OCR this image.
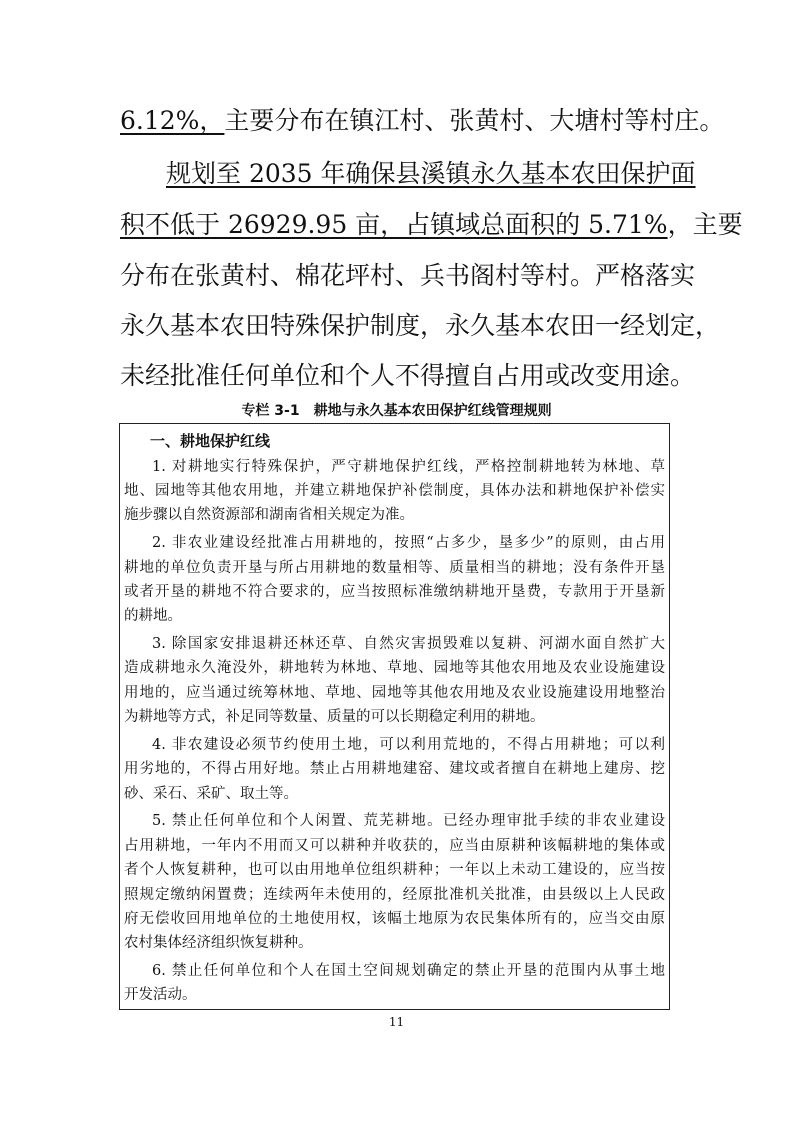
6.12%，主要分布在镇江村、张黄村、大塘村等村庄。
规划至 2035 年确保县溪镇永久基本农田保护面
积不低于 26929.95 亩，占镇域总面积的 5.71%，主要
分布在张黄村、棉花坪村、兵书阁村等村。严格落实
永久基本农田特殊保护制度，永久基本农田一经划定，
未经批准任何单位和个人不得擅自占用或改变用途。
专栏 3-1　耕地与永久基本农田保护红线管理规则
一、耕地保护红线
1. 对耕地实行特殊保护，严守耕地保护红线，严格控制耕地转为林地、草
地、园地等其他农用地，并建立耕地保护补偿制度，具体办法和耕地保护补偿实
施步骤以自然资源部和湖南省相关规定为准。
2. 非农业建设经批准占用耕地的，按照“占多少，垦多少”的原则，由占用
耕地的单位负责开垦与所占用耕地的数量相等、质量相当的耕地；没有条件开垦
或者开垦的耕地不符合要求的，应当按照标准缴纳耕地开垦费，专款用于开垦新
的耕地。
3. 除国家安排退耕还林还草、自然灾害损毁难以复耕、河湖水面自然扩大
造成耕地永久淹没外，耕地转为林地、草地、园地等其他农用地及农业设施建设
用地的，应当通过统筹林地、草地、园地等其他农用地及农业设施建设用地整治
为耕地等方式，补足同等数量、质量的可以长期稳定利用的耕地。
4. 非农建设必须节约使用土地，可以利用荒地的，不得占用耕地；可以利
用劣地的，不得占用好地。禁止占用耕地建窑、建坟或者擅自在耕地上建房、挖
砂、采石、采矿、取土等。
5. 禁止任何单位和个人闲置、荒芜耕地。已经办理审批手续的非农业建设
占用耕地，一年内不用而又可以耕种并收获的，应当由原耕种该幅耕地的集体或
者个人恢复耕种，也可以由用地单位组织耕种；一年以上未动工建设的，应当按
照规定缴纳闲置费；连续两年未使用的，经原批准机关批准，由县级以上人民政
府无偿收回用地单位的土地使用权，该幅土地原为农民集体所有的，应当交由原
农村集体经济组织恢复耕种。
6. 禁止任何单位和个人在国土空间规划确定的禁止开垦的范围内从事土地
开发活动。
11
